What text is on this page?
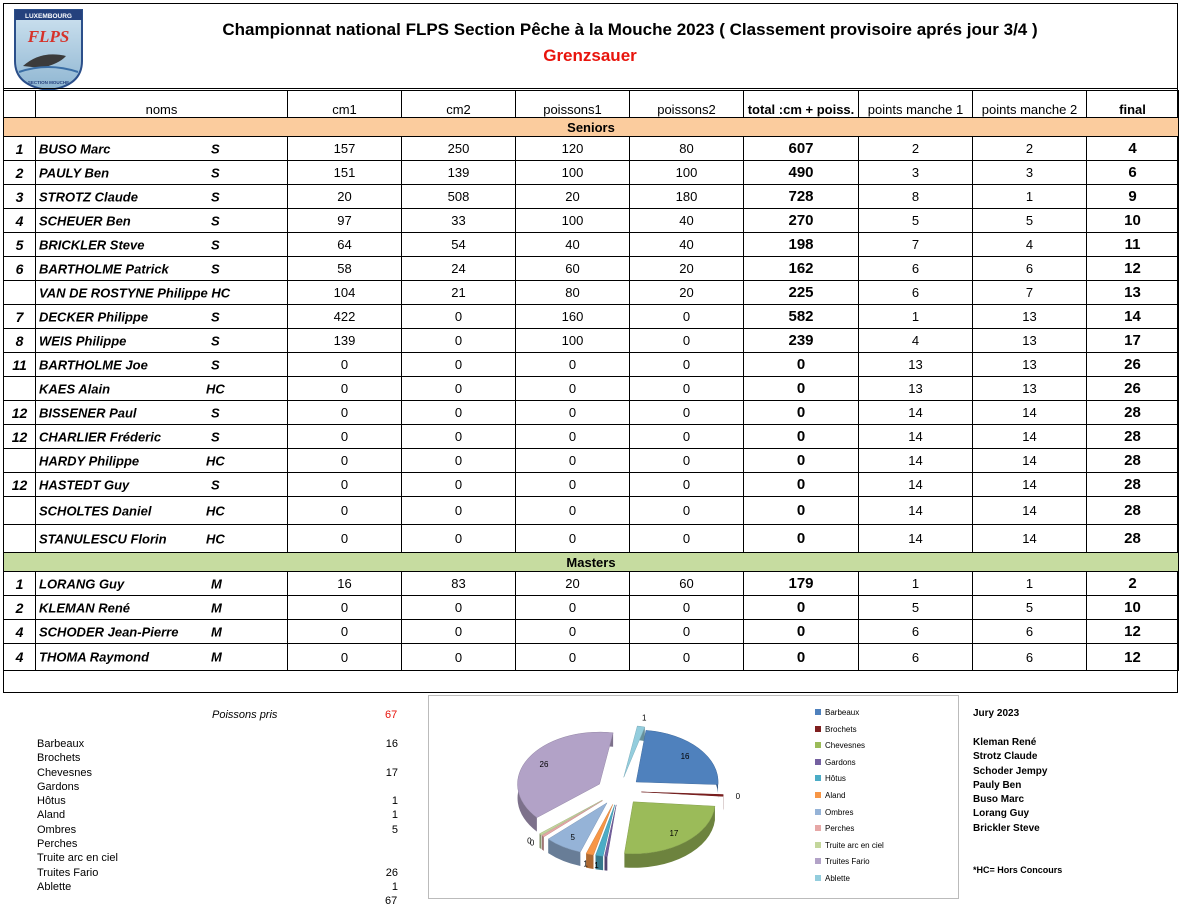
LUXEMBOURG
FLPS
SECTION MOUCHE
Championnat national FLPS Section Pêche à la Mouche 2023 ( Classement provisoire aprés jour 3/4 )
Grenzsauer
	noms	cm1	cm2	poissons1	poissons2	total :cm + poiss.	points manche 1	points manche 2	final
Seniors									
1	BUSO Marc S	157	250	120	80	607	2	2	4
2	PAULY Ben S	151	139	100	100	490	3	3	6
3	STROTZ Claude S	20	508	20	180	728	8	1	9
4	SCHEUER Ben S	97	33	100	40	270	5	5	10
5	BRICKLER Steve S	64	54	40	40	198	7	4	11
6	BARTHOLME Patrick S	58	24	60	20	162	6	6	12

	VAN DE ROSTYNE Philippe HC	104	21	80	20	225	6	7	13
7	DECKER Philippe S	422	0	160	0	582	1	13	14
8	WEIS Philippe S	139	0	100	0	239	4	13	17
11	BARTHOLME Joe S	0	0	0	0	0	13	13	26

	KAES Alain HC	0	0	0	0	0	13	13	26
12	BISSENER Paul S	0	0	0	0	0	14	14	28
12	CHARLIER Fréderic S	0	0	0	0	0	14	14	28

	HARDY Philippe HC	0	0	0	0	0	14	14	28
12	HASTEDT Guy S	0	0	0	0	0	14	14	28

	SCHOLTES Daniel HC	0	0	0	0	0	14	14	28

	STANULESCU Florin HC	0	0	0	0	0	14	14	28
Masters									
1	LORANG Guy M	16	83	20	60	179	1	1	2
2	KLEMAN René M	0	0	0	0	0	5	5	10
4	SCHODER Jean-Pierre M	0	0	0	0	0	6	6	12
4	THOMA Raymond M	0	0	0	0	0	6	6	12
Poissons pris	67
Barbeaux	16
Brochets
Chevesnes	17
Gardons
Hôtus	1
Aland	1
Ombres	5
Perches
Truite arc en ciel
Truites Fario	26
Ablette	1
67
16
0
17
1
1
5
0
0
26
1
Barbeaux
Brochets
Chevesnes
Gardons
Hôtus
Aland
Ombres
Perches
Truite arc en ciel
Truites Fario
Ablette
Jury 2023
Kleman René
Strotz Claude
Schoder Jempy
Pauly Ben
Buso Marc
Lorang Guy
Brickler Steve
*HC= Hors Concours
